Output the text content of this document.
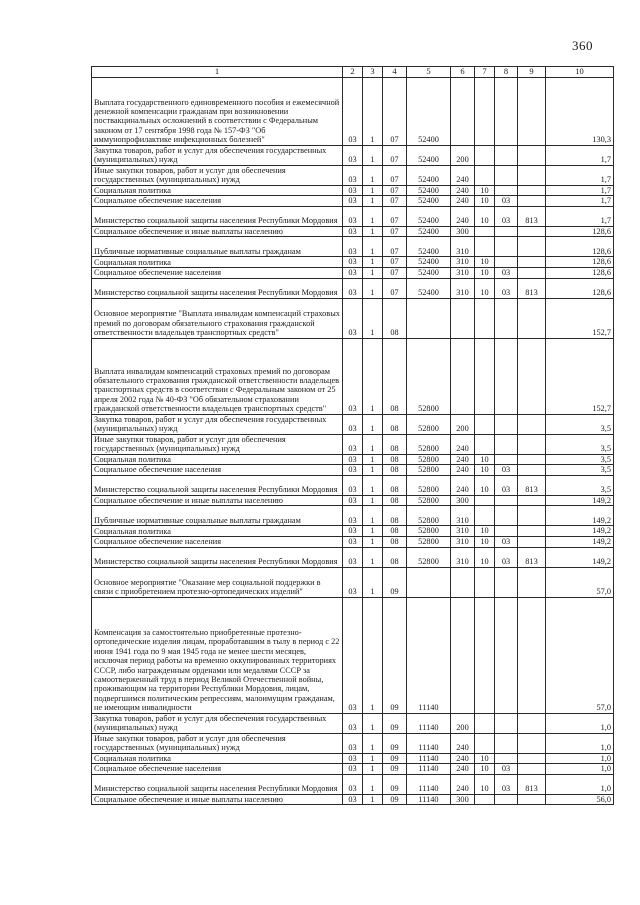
360
1	2	3	4	5	6	7	8	9	10
Выплата государственного единовременного пособия и ежемесячной денежной компенсации гражданам при возникновении поствакцинальных осложнений в соответствии с Федеральным законом от 17 сентября 1998 года № 157-ФЗ "Об иммунопрофилактике инфекционных болезней"	03	1	07	52400					130,3
Закупка товаров, работ и услуг для обеспечения государственных (муниципальных) нужд	03	1	07	52400	200				1,7
Иные закупки товаров, работ и услуг для обеспечения государственных (муниципальных) нужд	03	1	07	52400	240				1,7
Социальная политика	03	1	07	52400	240	10			1,7
Социальное обеспечение населения	03	1	07	52400	240	10	03		1,7
Министерство социальной защиты населения Республики Мордовия	03	1	07	52400	240	10	03	813	1,7
Социальное обеспечение и иные выплаты населению	03	1	07	52400	300				128,6
Публичные нормативные социальные выплаты гражданам	03	1	07	52400	310				128,6
Социальная политика	03	1	07	52400	310	10			128,6
Социальное обеспечение населения	03	1	07	52400	310	10	03		128,6
Министерство социальной защиты населения Республики Мордовия	03	1	07	52400	310	10	03	813	128,6
Основное мероприятие "Выплата инвалидам компенсаций страховых премий по договорам обязательного страхования гражданской ответственности владельцев транспортных средств"	03	1	08						152,7
Выплата инвалидам компенсаций страховых премий по договорам обязательного страхования гражданской ответственности владельцев транспортных средств в соответствии с Федеральным законом от 25 апреля 2002 года № 40-ФЗ "Об обязательном страховании гражданской ответственности владельцев транспортных средств"	03	1	08	52800					152,7
Закупка товаров, работ и услуг для обеспечения государственных (муниципальных) нужд	03	1	08	52800	200				3,5
Иные закупки товаров, работ и услуг для обеспечения государственных (муниципальных) нужд	03	1	08	52800	240				3,5
Социальная политика	03	1	08	52800	240	10			3,5
Социальное обеспечение населения	03	1	08	52800	240	10	03		3,5
Министерство социальной защиты населения Республики Мордовия	03	1	08	52800	240	10	03	813	3,5
Социальное обеспечение и иные выплаты населению	03	1	08	52800	300				149,2
Публичные нормативные социальные выплаты гражданам	03	1	08	52800	310				149,2
Социальная политика	03	1	08	52800	310	10			149,2
Социальное обеспечение населения	03	1	08	52800	310	10	03		149,2
Министерство социальной защиты населения Республики Мордовия	03	1	08	52800	310	10	03	813	149,2
Основное мероприятие "Оказание мер социальной поддержки в связи с приобретением протезно-ортопедических изделий"	03	1	09						57,0
Компенсация за самостоятельно приобретенные протезно-ортопедические изделия лицам, проработавшим в тылу в период с 22 июня 1941 года по 9 мая 1945 года не менее шести месяцев, исключая период работы на временно оккупированных территориях СССР, либо награжденным орденами или медалями СССР за самоотверженный труд в период Великой Отечественной войны, проживающим на территории Республики Мордовия, лицам, подвергшимся политическим репрессиям, малоимущим гражданам, не имеющим инвалидности	03	1	09	11140					57,0
Закупка товаров, работ и услуг для обеспечения государственных (муниципальных) нужд	03	1	09	11140	200				1,0
Иные закупки товаров, работ и услуг для обеспечения государственных (муниципальных) нужд	03	1	09	11140	240				1,0
Социальная политика	03	1	09	11140	240	10			1,0
Социальное обеспечение населения	03	1	09	11140	240	10	03		1,0
Министерство социальной защиты населения Республики Мордовия	03	1	09	11140	240	10	03	813	1,0
Социальное обеспечение и иные выплаты населению	03	1	09	11140	300				56,0
